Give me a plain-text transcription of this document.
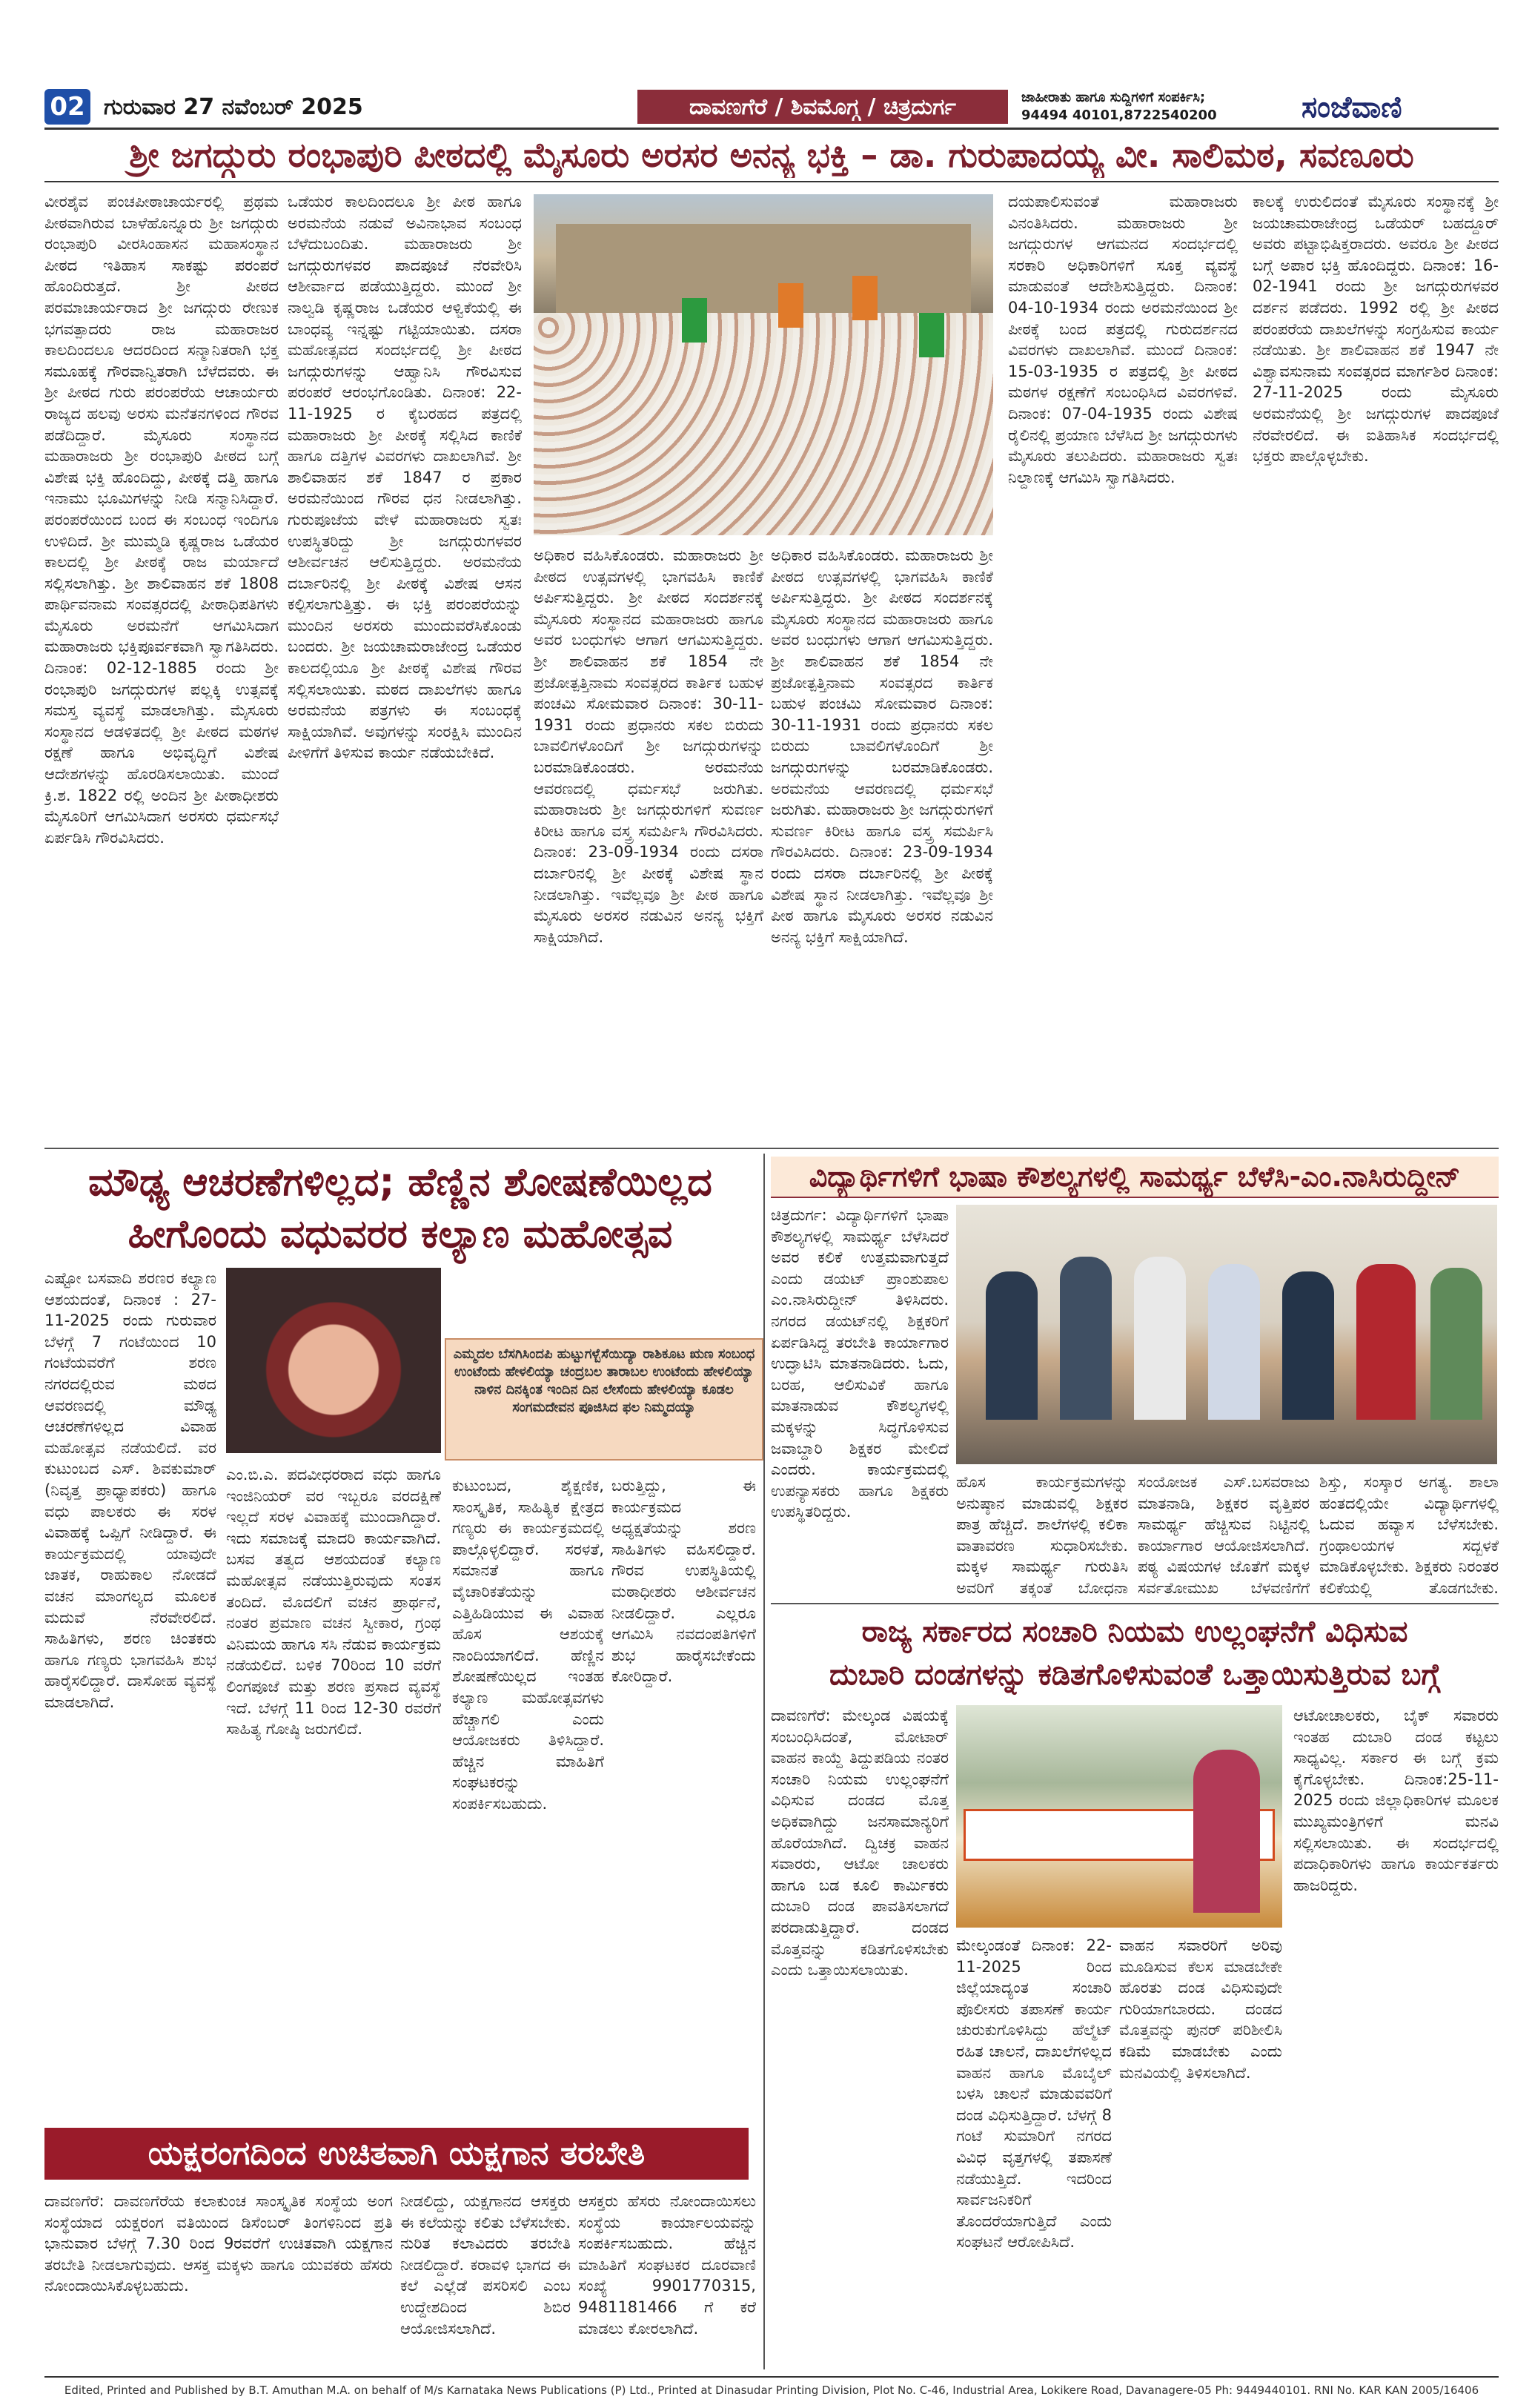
02 ಗುರುವಾರ 27 ನವೆಂಬರ್ 2025	ದಾವಣಗೆರೆ / ಶಿವಮೊಗ್ಗ / ಚಿತ್ರದುರ್ಗ	ಜಾಹೀರಾತು ಹಾಗೂ ಸುದ್ದಿಗಳಿಗೆ ಸಂಪರ್ಕಿಸಿ;
94494 40101,8722540200	ಸಂಜೆವಾಣಿ
ಶ್ರೀ ಜಗದ್ಗುರು ರಂಭಾಪುರಿ ಪೀಠದಲ್ಲಿ ಮೈಸೂರು ಅರಸರ ಅನನ್ಯ ಭಕ್ತಿ – ಡಾ. ಗುರುಪಾದಯ್ಯ ವೀ. ಸಾಲಿಮಠ, ಸವಣೂರು
ವೀರಶೈವ ಪಂಚಪೀಠಾಚಾರ್ಯರಲ್ಲಿ ಪ್ರಥಮ ಪೀಠವಾಗಿರುವ ಬಾಳೆಹೊನ್ನೂರು ಶ್ರೀ ಜಗದ್ಗುರು ರಂಭಾಪುರಿ ವೀರಸಿಂಹಾಸನ ಮಹಾಸಂಸ್ಥಾನ ಪೀಠದ ಇತಿಹಾಸ ಸಾಕಷ್ಟು ಪರಂಪರೆ ಹೊಂದಿರುತ್ತದೆ. ಶ್ರೀ ಪೀಠದ ಪರಮಾಚಾರ್ಯರಾದ ಶ್ರೀ ಜಗದ್ಗುರು ರೇಣುಕ ಭಗವತ್ಪಾದರು ರಾಜ ಮಹಾರಾಜರ ಕಾಲದಿಂದಲೂ ಆದರದಿಂದ ಸನ್ಮಾನಿತರಾಗಿ ಭಕ್ತ ಸಮೂಹಕ್ಕೆ ಗೌರವಾನ್ವಿತರಾಗಿ ಬೆಳೆದವರು. ಈ ಶ್ರೀ ಪೀಠದ ಗುರು ಪರಂಪರೆಯ ಆಚಾರ್ಯರು ರಾಜ್ಯದ ಹಲವು ಅರಸು ಮನೆತನಗಳಿಂದ ಗೌರವ ಪಡೆದಿದ್ದಾರೆ. ಮೈಸೂರು ಸಂಸ್ಥಾನದ ಮಹಾರಾಜರು ಶ್ರೀ ರಂಭಾಪುರಿ ಪೀಠದ ಬಗ್ಗೆ ವಿಶೇಷ ಭಕ್ತಿ ಹೊಂದಿದ್ದು, ಪೀಠಕ್ಕೆ ದತ್ತಿ ಹಾಗೂ ಇನಾಮು ಭೂಮಿಗಳನ್ನು ನೀಡಿ ಸನ್ಮಾನಿಸಿದ್ದಾರೆ. ಪರಂಪರೆಯಿಂದ ಬಂದ ಈ ಸಂಬಂಧ ಇಂದಿಗೂ ಉಳಿದಿದೆ. ಶ್ರೀ ಮುಮ್ಮಡಿ ಕೃಷ್ಣರಾಜ ಒಡೆಯರ ಕಾಲದಲ್ಲಿ ಶ್ರೀ ಪೀಠಕ್ಕೆ ರಾಜ ಮರ್ಯಾದೆ ಸಲ್ಲಿಸಲಾಗಿತ್ತು. ಶ್ರೀ ಶಾಲಿವಾಹನ ಶಕೆ 1808 ಪಾರ್ಥಿವನಾಮ ಸಂವತ್ಸರದಲ್ಲಿ ಪೀಠಾಧಿಪತಿಗಳು ಮೈಸೂರು ಅರಮನೆಗೆ ಆಗಮಿಸಿದಾಗ ಮಹಾರಾಜರು ಭಕ್ತಿಪೂರ್ವಕವಾಗಿ ಸ್ವಾಗತಿಸಿದರು. ದಿನಾಂಕ: 02-12-1885 ರಂದು ಶ್ರೀ ರಂಭಾಪುರಿ ಜಗದ್ಗುರುಗಳ ಪಲ್ಲಕ್ಕಿ ಉತ್ಸವಕ್ಕೆ ಸಮಸ್ತ ವ್ಯವಸ್ಥೆ ಮಾಡಲಾಗಿತ್ತು. ಮೈಸೂರು ಸಂಸ್ಥಾನದ ಆಡಳಿತದಲ್ಲಿ ಶ್ರೀ ಪೀಠದ ಮಠಗಳ ರಕ್ಷಣೆ ಹಾಗೂ ಅಭಿವೃದ್ಧಿಗೆ ವಿಶೇಷ ಆದೇಶಗಳನ್ನು ಹೊರಡಿಸಲಾಯಿತು. ಮುಂದೆ ಕ್ರಿ.ಶ. 1822 ರಲ್ಲಿ ಅಂದಿನ ಶ್ರೀ ಪೀಠಾಧೀಶರು ಮೈಸೂರಿಗೆ ಆಗಮಿಸಿದಾಗ ಅರಸರು ಧರ್ಮಸಭೆ ಏರ್ಪಡಿಸಿ ಗೌರವಿಸಿದರು.
ಒಡೆಯರ ಕಾಲದಿಂದಲೂ ಶ್ರೀ ಪೀಠ ಹಾಗೂ ಅರಮನೆಯ ನಡುವೆ ಅವಿನಾಭಾವ ಸಂಬಂಧ ಬೆಳೆದುಬಂದಿತು. ಮಹಾರಾಜರು ಶ್ರೀ ಜಗದ್ಗುರುಗಳವರ ಪಾದಪೂಜೆ ನೆರವೇರಿಸಿ ಆಶೀರ್ವಾದ ಪಡೆಯುತ್ತಿದ್ದರು. ಮುಂದೆ ಶ್ರೀ ನಾಲ್ವಡಿ ಕೃಷ್ಣರಾಜ ಒಡೆಯರ ಆಳ್ವಿಕೆಯಲ್ಲಿ ಈ ಬಾಂಧವ್ಯ ಇನ್ನಷ್ಟು ಗಟ್ಟಿಯಾಯಿತು. ದಸರಾ ಮಹೋತ್ಸವದ ಸಂದರ್ಭದಲ್ಲಿ ಶ್ರೀ ಪೀಠದ ಜಗದ್ಗುರುಗಳನ್ನು ಆಹ್ವಾನಿಸಿ ಗೌರವಿಸುವ ಪರಂಪರೆ ಆರಂಭಗೊಂಡಿತು. ದಿನಾಂಕ: 22-11-1925 ರ ಕೈಬರಹದ ಪತ್ರದಲ್ಲಿ ಮಹಾರಾಜರು ಶ್ರೀ ಪೀಠಕ್ಕೆ ಸಲ್ಲಿಸಿದ ಕಾಣಿಕೆ ಹಾಗೂ ದತ್ತಿಗಳ ವಿವರಗಳು ದಾಖಲಾಗಿವೆ. ಶ್ರೀ ಶಾಲಿವಾಹನ ಶಕೆ 1847 ರ ಪ್ರಕಾರ ಅರಮನೆಯಿಂದ ಗೌರವ ಧನ ನೀಡಲಾಗಿತ್ತು. ಗುರುಪೂಜೆಯ ವೇಳೆ ಮಹಾರಾಜರು ಸ್ವತಃ ಉಪಸ್ಥಿತರಿದ್ದು ಶ್ರೀ ಜಗದ್ಗುರುಗಳವರ ಆಶೀರ್ವಚನ ಆಲಿಸುತ್ತಿದ್ದರು. ಅರಮನೆಯ ದರ್ಬಾರಿನಲ್ಲಿ ಶ್ರೀ ಪೀಠಕ್ಕೆ ವಿಶೇಷ ಆಸನ ಕಲ್ಪಿಸಲಾಗುತ್ತಿತ್ತು. ಈ ಭಕ್ತಿ ಪರಂಪರೆಯನ್ನು ಮುಂದಿನ ಅರಸರು ಮುಂದುವರೆಸಿಕೊಂಡು ಬಂದರು. ಶ್ರೀ ಜಯಚಾಮರಾಜೇಂದ್ರ ಒಡೆಯರ ಕಾಲದಲ್ಲಿಯೂ ಶ್ರೀ ಪೀಠಕ್ಕೆ ವಿಶೇಷ ಗೌರವ ಸಲ್ಲಿಸಲಾಯಿತು. ಮಠದ ದಾಖಲೆಗಳು ಹಾಗೂ ಅರಮನೆಯ ಪತ್ರಗಳು ಈ ಸಂಬಂಧಕ್ಕೆ ಸಾಕ್ಷಿಯಾಗಿವೆ. ಅವುಗಳನ್ನು ಸಂರಕ್ಷಿಸಿ ಮುಂದಿನ ಪೀಳಿಗೆಗೆ ತಿಳಿಸುವ ಕಾರ್ಯ ನಡೆಯಬೇಕಿದೆ.
ಅಧಿಕಾರ ವಹಿಸಿಕೊಂಡರು. ಮಹಾರಾಜರು ಶ್ರೀ ಪೀಠದ ಉತ್ಸವಗಳಲ್ಲಿ ಭಾಗವಹಿಸಿ ಕಾಣಿಕೆ ಅರ್ಪಿಸುತ್ತಿದ್ದರು. ಶ್ರೀ ಪೀಠದ ಸಂದರ್ಶನಕ್ಕೆ ಮೈಸೂರು ಸಂಸ್ಥಾನದ ಮಹಾರಾಜರು ಹಾಗೂ ಅವರ ಬಂಧುಗಳು ಆಗಾಗ ಆಗಮಿಸುತ್ತಿದ್ದರು. ಶ್ರೀ ಶಾಲಿವಾಹನ ಶಕೆ 1854 ನೇ ಪ್ರಜೋತ್ಪತ್ತಿನಾಮ ಸಂವತ್ಸರದ ಕಾರ್ತಿಕ ಬಹುಳ ಪಂಚಮಿ ಸೋಮವಾರ ದಿನಾಂಕ: 30-11-1931 ರಂದು ಪ್ರಧಾನರು ಸಕಲ ಬಿರುದು ಬಾವಲಿಗಳೊಂದಿಗೆ ಶ್ರೀ ಜಗದ್ಗುರುಗಳನ್ನು ಬರಮಾಡಿಕೊಂಡರು. ಅರಮನೆಯ ಆವರಣದಲ್ಲಿ ಧರ್ಮಸಭೆ ಜರುಗಿತು. ಮಹಾರಾಜರು ಶ್ರೀ ಜಗದ್ಗುರುಗಳಿಗೆ ಸುವರ್ಣ ಕಿರೀಟ ಹಾಗೂ ವಸ್ತ್ರ ಸಮರ್ಪಿಸಿ ಗೌರವಿಸಿದರು. ದಿನಾಂಕ: 23-09-1934 ರಂದು ದಸರಾ ದರ್ಬಾರಿನಲ್ಲಿ ಶ್ರೀ ಪೀಠಕ್ಕೆ ವಿಶೇಷ ಸ್ಥಾನ ನೀಡಲಾಗಿತ್ತು. ಇವೆಲ್ಲವೂ ಶ್ರೀ ಪೀಠ ಹಾಗೂ ಮೈಸೂರು ಅರಸರ ನಡುವಿನ ಅನನ್ಯ ಭಕ್ತಿಗೆ ಸಾಕ್ಷಿಯಾಗಿದೆ.
ಅಧಿಕಾರ ವಹಿಸಿಕೊಂಡರು. ಮಹಾರಾಜರು ಶ್ರೀ ಪೀಠದ ಉತ್ಸವಗಳಲ್ಲಿ ಭಾಗವಹಿಸಿ ಕಾಣಿಕೆ ಅರ್ಪಿಸುತ್ತಿದ್ದರು. ಶ್ರೀ ಪೀಠದ ಸಂದರ್ಶನಕ್ಕೆ ಮೈಸೂರು ಸಂಸ್ಥಾನದ ಮಹಾರಾಜರು ಹಾಗೂ ಅವರ ಬಂಧುಗಳು ಆಗಾಗ ಆಗಮಿಸುತ್ತಿದ್ದರು. ಶ್ರೀ ಶಾಲಿವಾಹನ ಶಕೆ 1854 ನೇ ಪ್ರಜೋತ್ಪತ್ತಿನಾಮ ಸಂವತ್ಸರದ ಕಾರ್ತಿಕ ಬಹುಳ ಪಂಚಮಿ ಸೋಮವಾರ ದಿನಾಂಕ: 30-11-1931 ರಂದು ಪ್ರಧಾನರು ಸಕಲ ಬಿರುದು ಬಾವಲಿಗಳೊಂದಿಗೆ ಶ್ರೀ ಜಗದ್ಗುರುಗಳನ್ನು ಬರಮಾಡಿಕೊಂಡರು. ಅರಮನೆಯ ಆವರಣದಲ್ಲಿ ಧರ್ಮಸಭೆ ಜರುಗಿತು. ಮಹಾರಾಜರು ಶ್ರೀ ಜಗದ್ಗುರುಗಳಿಗೆ ಸುವರ್ಣ ಕಿರೀಟ ಹಾಗೂ ವಸ್ತ್ರ ಸಮರ್ಪಿಸಿ ಗೌರವಿಸಿದರು. ದಿನಾಂಕ: 23-09-1934 ರಂದು ದಸರಾ ದರ್ಬಾರಿನಲ್ಲಿ ಶ್ರೀ ಪೀಠಕ್ಕೆ ವಿಶೇಷ ಸ್ಥಾನ ನೀಡಲಾಗಿತ್ತು. ಇವೆಲ್ಲವೂ ಶ್ರೀ ಪೀಠ ಹಾಗೂ ಮೈಸೂರು ಅರಸರ ನಡುವಿನ ಅನನ್ಯ ಭಕ್ತಿಗೆ ಸಾಕ್ಷಿಯಾಗಿದೆ.
ದಯಪಾಲಿಸುವಂತೆ ಮಹಾರಾಜರು ವಿನಂತಿಸಿದರು. ಮಹಾರಾಜರು ಶ್ರೀ ಜಗದ್ಗುರುಗಳ ಆಗಮನದ ಸಂದರ್ಭದಲ್ಲಿ ಸರಕಾರಿ ಅಧಿಕಾರಿಗಳಿಗೆ ಸೂಕ್ತ ವ್ಯವಸ್ಥೆ ಮಾಡುವಂತೆ ಆದೇಶಿಸುತ್ತಿದ್ದರು. ದಿನಾಂಕ: 04-10-1934 ರಂದು ಅರಮನೆಯಿಂದ ಶ್ರೀ ಪೀಠಕ್ಕೆ ಬಂದ ಪತ್ರದಲ್ಲಿ ಗುರುದರ್ಶನದ ವಿವರಗಳು ದಾಖಲಾಗಿವೆ. ಮುಂದೆ ದಿನಾಂಕ: 15-03-1935 ರ ಪತ್ರದಲ್ಲಿ ಶ್ರೀ ಪೀಠದ ಮಠಗಳ ರಕ್ಷಣೆಗೆ ಸಂಬಂಧಿಸಿದ ವಿವರಗಳಿವೆ. ದಿನಾಂಕ: 07-04-1935 ರಂದು ವಿಶೇಷ ರೈಲಿನಲ್ಲಿ ಪ್ರಯಾಣ ಬೆಳೆಸಿದ ಶ್ರೀ ಜಗದ್ಗುರುಗಳು ಮೈಸೂರು ತಲುಪಿದರು. ಮಹಾರಾಜರು ಸ್ವತಃ ನಿಲ್ದಾಣಕ್ಕೆ ಆಗಮಿಸಿ ಸ್ವಾಗತಿಸಿದರು.
ಕಾಲಕ್ಕೆ ಉರುಲಿದಂತೆ ಮೈಸೂರು ಸಂಸ್ಥಾನಕ್ಕೆ ಶ್ರೀ ಜಯಚಾಮರಾಜೇಂದ್ರ ಒಡೆಯರ್ ಬಹದ್ದೂರ್ ಅವರು ಪಟ್ಟಾಭಿಷಿಕ್ತರಾದರು. ಅವರೂ ಶ್ರೀ ಪೀಠದ ಬಗ್ಗೆ ಅಪಾರ ಭಕ್ತಿ ಹೊಂದಿದ್ದರು. ದಿನಾಂಕ: 16-02-1941 ರಂದು ಶ್ರೀ ಜಗದ್ಗುರುಗಳವರ ದರ್ಶನ ಪಡೆದರು. 1992 ರಲ್ಲಿ ಶ್ರೀ ಪೀಠದ ಪರಂಪರೆಯ ದಾಖಲೆಗಳನ್ನು ಸಂಗ್ರಹಿಸುವ ಕಾರ್ಯ ನಡೆಯಿತು. ಶ್ರೀ ಶಾಲಿವಾಹನ ಶಕೆ 1947 ನೇ ವಿಶ್ವಾವಸುನಾಮ ಸಂವತ್ಸರದ ಮಾರ್ಗಶಿರ ದಿನಾಂಕ: 27-11-2025 ರಂದು ಮೈಸೂರು ಅರಮನೆಯಲ್ಲಿ ಶ್ರೀ ಜಗದ್ಗುರುಗಳ ಪಾದಪೂಜೆ ನೆರವೇರಲಿದೆ. ಈ ಐತಿಹಾಸಿಕ ಸಂದರ್ಭದಲ್ಲಿ ಭಕ್ತರು ಪಾಲ್ಗೊಳ್ಳಬೇಕು.
ಮೌಢ್ಯ ಆಚರಣೆಗಳಿಲ್ಲದ; ಹೆಣ್ಣಿನ ಶೋಷಣೆಯಿಲ್ಲದ
ಹೀಗೊಂದು ವಧುವರರ ಕಲ್ಯಾಣ ಮಹೋತ್ಸವ
ಎಮ್ಮದಲ ಬೆಸಗಿಸಿಂದಪಿ ಹುಟ್ಟುಗಳ್ಬೆಸೆಯಿದ್ಯಾ ರಾಶಿಕೂಟ ಋಣ ಸಂಬಂಧ ಉಂಟೆಂದು ಹೇಳಲಿಯ್ಯಾ ಚಂದ್ರಬಲ ತಾರಾಬಲ ಉಂಟೆಂದು ಹೇಳಲಿಯ್ಯಾ ನಾಳಿನ ದಿನಕ್ಕಿಂತ ಇಂದಿನ ದಿನ ಲೇಸೆಂದು ಹೇಳಲಿಯ್ಯಾ ಕೂಡಲ ಸಂಗಮದೇವನ ಪೂಜಿಸಿದ ಫಲ ನಿಮ್ಮದಯ್ಯಾ
ಎಷ್ಟೋ ಬಸವಾದಿ ಶರಣರ ಕಲ್ಯಾಣ ಆಶಯದಂತೆ, ದಿನಾಂಕ : 27-11-2025 ರಂದು ಗುರುವಾರ ಬೆಳಗ್ಗೆ 7 ಗಂಟೆಯಿಂದ 10 ಗಂಟೆಯವರೆಗೆ ಶರಣ ನಗರದಲ್ಲಿರುವ ಮಠದ ಆವರಣದಲ್ಲಿ ಮೌಢ್ಯ ಆಚರಣೆಗಳಿಲ್ಲದ ವಿವಾಹ ಮಹೋತ್ಸವ ನಡೆಯಲಿದೆ. ವರ ಕುಟುಂಬದ ಎಸ್. ಶಿವಕುಮಾರ್ (ನಿವೃತ್ತ ಪ್ರಾಧ್ಯಾಪಕರು) ಹಾಗೂ ವಧು ಪಾಲಕರು ಈ ಸರಳ ವಿವಾಹಕ್ಕೆ ಒಪ್ಪಿಗೆ ನೀಡಿದ್ದಾರೆ. ಈ ಕಾರ್ಯಕ್ರಮದಲ್ಲಿ ಯಾವುದೇ ಜಾತಕ, ರಾಹುಕಾಲ ನೋಡದೆ ವಚನ ಮಾಂಗಲ್ಯದ ಮೂಲಕ ಮದುವೆ ನೆರವೇರಲಿದೆ. ಸಾಹಿತಿಗಳು, ಶರಣ ಚಿಂತಕರು ಹಾಗೂ ಗಣ್ಯರು ಭಾಗವಹಿಸಿ ಶುಭ ಹಾರೈಸಲಿದ್ದಾರೆ. ದಾಸೋಹ ವ್ಯವಸ್ಥೆ ಮಾಡಲಾಗಿದೆ.
ಎಂ.ಬಿ.ಎ. ಪದವೀಧರರಾದ ವಧು ಹಾಗೂ ಇಂಜಿನಿಯರ್ ವರ ಇಬ್ಬರೂ ವರದಕ್ಷಿಣೆ ಇಲ್ಲದೆ ಸರಳ ವಿವಾಹಕ್ಕೆ ಮುಂದಾಗಿದ್ದಾರೆ. ಇದು ಸಮಾಜಕ್ಕೆ ಮಾದರಿ ಕಾರ್ಯವಾಗಿದೆ. ಬಸವ ತತ್ವದ ಆಶಯದಂತೆ ಕಲ್ಯಾಣ ಮಹೋತ್ಸವ ನಡೆಯುತ್ತಿರುವುದು ಸಂತಸ ತಂದಿದೆ. ಮೊದಲಿಗೆ ವಚನ ಪ್ರಾರ್ಥನೆ, ನಂತರ ಪ್ರಮಾಣ ವಚನ ಸ್ವೀಕಾರ, ಗ್ರಂಥ ವಿನಿಮಯ ಹಾಗೂ ಸಸಿ ನೆಡುವ ಕಾರ್ಯಕ್ರಮ ನಡೆಯಲಿದೆ. ಬಳಿಕ 70ರಿಂದ 10 ವರೆಗೆ ಲಿಂಗಪೂಜೆ ಮತ್ತು ಶರಣ ಪ್ರಸಾದ ವ್ಯವಸ್ಥೆ ಇದೆ. ಬೆಳಗ್ಗೆ 11 ರಿಂದ 12-30 ರವರೆಗೆ ಸಾಹಿತ್ಯ ಗೋಷ್ಠಿ ಜರುಗಲಿದೆ.
ಕುಟುಂಬದ, ಶೈಕ್ಷಣಿಕ, ಸಾಂಸ್ಕೃತಿಕ, ಸಾಹಿತ್ಯಿಕ ಕ್ಷೇತ್ರದ ಗಣ್ಯರು ಈ ಕಾರ್ಯಕ್ರಮದಲ್ಲಿ ಪಾಲ್ಗೊಳ್ಳಲಿದ್ದಾರೆ. ಸರಳತೆ, ಸಮಾನತೆ ಹಾಗೂ ವೈಚಾರಿಕತೆಯನ್ನು ಎತ್ತಿಹಿಡಿಯುವ ಈ ವಿವಾಹ ಹೊಸ ಆಶಯಕ್ಕೆ ನಾಂದಿಯಾಗಲಿದೆ. ಹೆಣ್ಣಿನ ಶೋಷಣೆಯಿಲ್ಲದ ಇಂತಹ ಕಲ್ಯಾಣ ಮಹೋತ್ಸವಗಳು ಹೆಚ್ಚಾಗಲಿ ಎಂದು ಆಯೋಜಕರು ತಿಳಿಸಿದ್ದಾರೆ. ಹೆಚ್ಚಿನ ಮಾಹಿತಿಗೆ ಸಂಘಟಕರನ್ನು ಸಂಪರ್ಕಿಸಬಹುದು.
ಬರುತ್ತಿದ್ದು, ಈ ಕಾರ್ಯಕ್ರಮದ ಅಧ್ಯಕ್ಷತೆಯನ್ನು ಶರಣ ಸಾಹಿತಿಗಳು ವಹಿಸಲಿದ್ದಾರೆ. ಗೌರವ ಉಪಸ್ಥಿತಿಯಲ್ಲಿ ಮಠಾಧೀಶರು ಆಶೀರ್ವಚನ ನೀಡಲಿದ್ದಾರೆ. ಎಲ್ಲರೂ ಆಗಮಿಸಿ ನವದಂಪತಿಗಳಿಗೆ ಶುಭ ಹಾರೈಸಬೇಕೆಂದು ಕೋರಿದ್ದಾರೆ.
ವಿದ್ಯಾರ್ಥಿಗಳಿಗೆ ಭಾಷಾ ಕೌಶಲ್ಯಗಳಲ್ಲಿ ಸಾಮರ್ಥ್ಯ ಬೆಳೆಸಿ-ಎಂ.ನಾಸಿರುದ್ದೀನ್
ಚಿತ್ರದುರ್ಗ: ವಿದ್ಯಾರ್ಥಿಗಳಿಗೆ ಭಾಷಾ ಕೌಶಲ್ಯಗಳಲ್ಲಿ ಸಾಮರ್ಥ್ಯ ಬೆಳೆಸಿದರೆ ಅವರ ಕಲಿಕೆ ಉತ್ತಮವಾಗುತ್ತದೆ ಎಂದು ಡಯಟ್ ಪ್ರಾಂಶುಪಾಲ ಎಂ.ನಾಸಿರುದ್ದೀನ್ ತಿಳಿಸಿದರು. ನಗರದ ಡಯಟ್‌ನಲ್ಲಿ ಶಿಕ್ಷಕರಿಗೆ ಏರ್ಪಡಿಸಿದ್ದ ತರಬೇತಿ ಕಾರ್ಯಾಗಾರ ಉದ್ಘಾಟಿಸಿ ಮಾತನಾಡಿದರು. ಓದು, ಬರಹ, ಆಲಿಸುವಿಕೆ ಹಾಗೂ ಮಾತನಾಡುವ ಕೌಶಲ್ಯಗಳಲ್ಲಿ ಮಕ್ಕಳನ್ನು ಸಿದ್ಧಗೊಳಿಸುವ ಜವಾಬ್ದಾರಿ ಶಿಕ್ಷಕರ ಮೇಲಿದೆ ಎಂದರು. ಕಾರ್ಯಕ್ರಮದಲ್ಲಿ ಉಪನ್ಯಾಸಕರು ಹಾಗೂ ಶಿಕ್ಷಕರು ಉಪಸ್ಥಿತರಿದ್ದರು.
ಹೊಸ ಕಾರ್ಯಕ್ರಮಗಳನ್ನು ಅನುಷ್ಠಾನ ಮಾಡುವಲ್ಲಿ ಶಿಕ್ಷಕರ ಪಾತ್ರ ಹೆಚ್ಚಿದೆ. ಶಾಲೆಗಳಲ್ಲಿ ಕಲಿಕಾ ವಾತಾವರಣ ಸುಧಾರಿಸಬೇಕು. ಮಕ್ಕಳ ಸಾಮರ್ಥ್ಯ ಗುರುತಿಸಿ ಅವರಿಗೆ ತಕ್ಕಂತೆ ಬೋಧನಾ
ಸಂಯೋಜಕ ಎಸ್.ಬಸವರಾಜು ಮಾತನಾಡಿ, ಶಿಕ್ಷಕರ ವೃತ್ತಿಪರ ಸಾಮರ್ಥ್ಯ ಹೆಚ್ಚಿಸುವ ನಿಟ್ಟಿನಲ್ಲಿ ಕಾರ್ಯಾಗಾರ ಆಯೋಜಿಸಲಾಗಿದೆ. ಪಠ್ಯ ವಿಷಯಗಳ ಜೊತೆಗೆ ಮಕ್ಕಳ ಸರ್ವತೋಮುಖ ಬೆಳವಣಿಗೆಗೆ
ಶಿಸ್ತು, ಸಂಸ್ಕಾರ ಅಗತ್ಯ. ಶಾಲಾ ಹಂತದಲ್ಲಿಯೇ ವಿದ್ಯಾರ್ಥಿಗಳಲ್ಲಿ ಓದುವ ಹವ್ಯಾಸ ಬೆಳೆಸಬೇಕು. ಗ್ರಂಥಾಲಯಗಳ ಸದ್ಬಳಕೆ ಮಾಡಿಕೊಳ್ಳಬೇಕು. ಶಿಕ್ಷಕರು ನಿರಂತರ ಕಲಿಕೆಯಲ್ಲಿ ತೊಡಗಬೇಕು.
ರಾಜ್ಯ ಸರ್ಕಾರದ ಸಂಚಾರಿ ನಿಯಮ ಉಲ್ಲಂಘನೆಗೆ ವಿಧಿಸುವ
ದುಬಾರಿ ದಂಡಗಳನ್ನು ಕಡಿತಗೊಳಿಸುವಂತೆ ಒತ್ತಾಯಿಸುತ್ತಿರುವ ಬಗ್ಗೆ
ದಾವಣಗೆರೆ: ಮೇಲ್ಕಂಡ ವಿಷಯಕ್ಕೆ ಸಂಬಂಧಿಸಿದಂತೆ, ಮೋಟಾರ್ ವಾಹನ ಕಾಯ್ದೆ ತಿದ್ದುಪಡಿಯ ನಂತರ ಸಂಚಾರಿ ನಿಯಮ ಉಲ್ಲಂಘನೆಗೆ ವಿಧಿಸುವ ದಂಡದ ಮೊತ್ತ ಅಧಿಕವಾಗಿದ್ದು ಜನಸಾಮಾನ್ಯರಿಗೆ ಹೊರೆಯಾಗಿದೆ. ದ್ವಿಚಕ್ರ ವಾಹನ ಸವಾರರು, ಆಟೋ ಚಾಲಕರು ಹಾಗೂ ಬಡ ಕೂಲಿ ಕಾರ್ಮಿಕರು ದುಬಾರಿ ದಂಡ ಪಾವತಿಸಲಾಗದೆ ಪರದಾಡುತ್ತಿದ್ದಾರೆ. ದಂಡದ ಮೊತ್ತವನ್ನು ಕಡಿತಗೊಳಿಸಬೇಕು ಎಂದು ಒತ್ತಾಯಿಸಲಾಯಿತು.
ಮೇಲ್ಕಂಡಂತೆ ದಿನಾಂಕ: 22-11-2025 ರಿಂದ ಜಿಲ್ಲೆಯಾದ್ಯಂತ ಸಂಚಾರಿ ಪೊಲೀಸರು ತಪಾಸಣೆ ಕಾರ್ಯ ಚುರುಕುಗೊಳಿಸಿದ್ದು ಹೆಲ್ಮೆಟ್ ರಹಿತ ಚಾಲನೆ, ದಾಖಲೆಗಳಿಲ್ಲದ ವಾಹನ ಹಾಗೂ ಮೊಬೈಲ್ ಬಳಸಿ ಚಾಲನೆ ಮಾಡುವವರಿಗೆ ದಂಡ ವಿಧಿಸುತ್ತಿದ್ದಾರೆ. ಬೆಳಗ್ಗೆ 8 ಗಂಟೆ ಸುಮಾರಿಗೆ ನಗರದ ವಿವಿಧ ವೃತ್ತಗಳಲ್ಲಿ ತಪಾಸಣೆ ನಡೆಯುತ್ತಿದೆ. ಇದರಿಂದ ಸಾರ್ವಜನಿಕರಿಗೆ ತೊಂದರೆಯಾಗುತ್ತಿದೆ ಎಂದು ಸಂಘಟನೆ ಆರೋಪಿಸಿದೆ.
ವಾಹನ ಸವಾರರಿಗೆ ಅರಿವು ಮೂಡಿಸುವ ಕೆಲಸ ಮಾಡಬೇಕೇ ಹೊರತು ದಂಡ ವಿಧಿಸುವುದೇ ಗುರಿಯಾಗಬಾರದು. ದಂಡದ ಮೊತ್ತವನ್ನು ಪುನರ್ ಪರಿಶೀಲಿಸಿ ಕಡಿಮೆ ಮಾಡಬೇಕು ಎಂದು ಮನವಿಯಲ್ಲಿ ತಿಳಿಸಲಾಗಿದೆ.
ಆಟೋಚಾಲಕರು, ಬೈಕ್ ಸವಾರರು ಇಂತಹ ದುಬಾರಿ ದಂಡ ಕಟ್ಟಲು ಸಾಧ್ಯವಿಲ್ಲ. ಸರ್ಕಾರ ಈ ಬಗ್ಗೆ ಕ್ರಮ ಕೈಗೊಳ್ಳಬೇಕು. ದಿನಾಂಕ:25-11-2025 ರಂದು ಜಿಲ್ಲಾಧಿಕಾರಿಗಳ ಮೂಲಕ ಮುಖ್ಯಮಂತ್ರಿಗಳಿಗೆ ಮನವಿ ಸಲ್ಲಿಸಲಾಯಿತು. ಈ ಸಂದರ್ಭದಲ್ಲಿ ಪದಾಧಿಕಾರಿಗಳು ಹಾಗೂ ಕಾರ್ಯಕರ್ತರು ಹಾಜರಿದ್ದರು.
ಯಕ್ಷರಂಗದಿಂದ ಉಚಿತವಾಗಿ ಯಕ್ಷಗಾನ ತರಬೇತಿ
ದಾವಣಗೆರೆ: ದಾವಣಗೆರೆಯ ಕಲಾಕುಂಚ ಸಾಂಸ್ಕೃತಿಕ ಸಂಸ್ಥೆಯ ಅಂಗ ಸಂಸ್ಥೆಯಾದ ಯಕ್ಷರಂಗ ವತಿಯಿಂದ ಡಿಸೆಂಬರ್ ತಿಂಗಳಿನಿಂದ ಪ್ರತಿ ಭಾನುವಾರ ಬೆಳಗ್ಗೆ 7.30 ರಿಂದ 9ರವರೆಗೆ ಉಚಿತವಾಗಿ ಯಕ್ಷಗಾನ ತರಬೇತಿ ನೀಡಲಾಗುವುದು. ಆಸಕ್ತ ಮಕ್ಕಳು ಹಾಗೂ ಯುವಕರು ಹೆಸರು ನೋಂದಾಯಿಸಿಕೊಳ್ಳಬಹುದು.
ನೀಡಲಿದ್ದು, ಯಕ್ಷಗಾನದ ಆಸಕ್ತರು ಈ ಕಲೆಯನ್ನು ಕಲಿತು ಬೆಳೆಸಬೇಕು. ನುರಿತ ಕಲಾವಿದರು ತರಬೇತಿ ನೀಡಲಿದ್ದಾರೆ. ಕರಾವಳಿ ಭಾಗದ ಈ ಕಲೆ ಎಲ್ಲೆಡೆ ಪಸರಿಸಲಿ ಎಂಬ ಉದ್ದೇಶದಿಂದ ಶಿಬಿರ ಆಯೋಜಿಸಲಾಗಿದೆ.
ಆಸಕ್ತರು ಹೆಸರು ನೋಂದಾಯಿಸಲು ಸಂಸ್ಥೆಯ ಕಾರ್ಯಾಲಯವನ್ನು ಸಂಪರ್ಕಿಸಬಹುದು. ಹೆಚ್ಚಿನ ಮಾಹಿತಿಗೆ ಸಂಘಟಕರ ದೂರವಾಣಿ ಸಂಖ್ಯೆ 9901770315, 9481181466 ಗೆ ಕರೆ ಮಾಡಲು ಕೋರಲಾಗಿದೆ.
Edited, Printed and Published by B.T. Amuthan M.A. on behalf of M/s Karnataka News Publications (P) Ltd., Printed at Dinasudar Printing Division, Plot No. C-46, Industrial Area, Lokikere Road, Davanagere-05 Ph: 9449440101. RNI No. KAR KAN 2005/16406
